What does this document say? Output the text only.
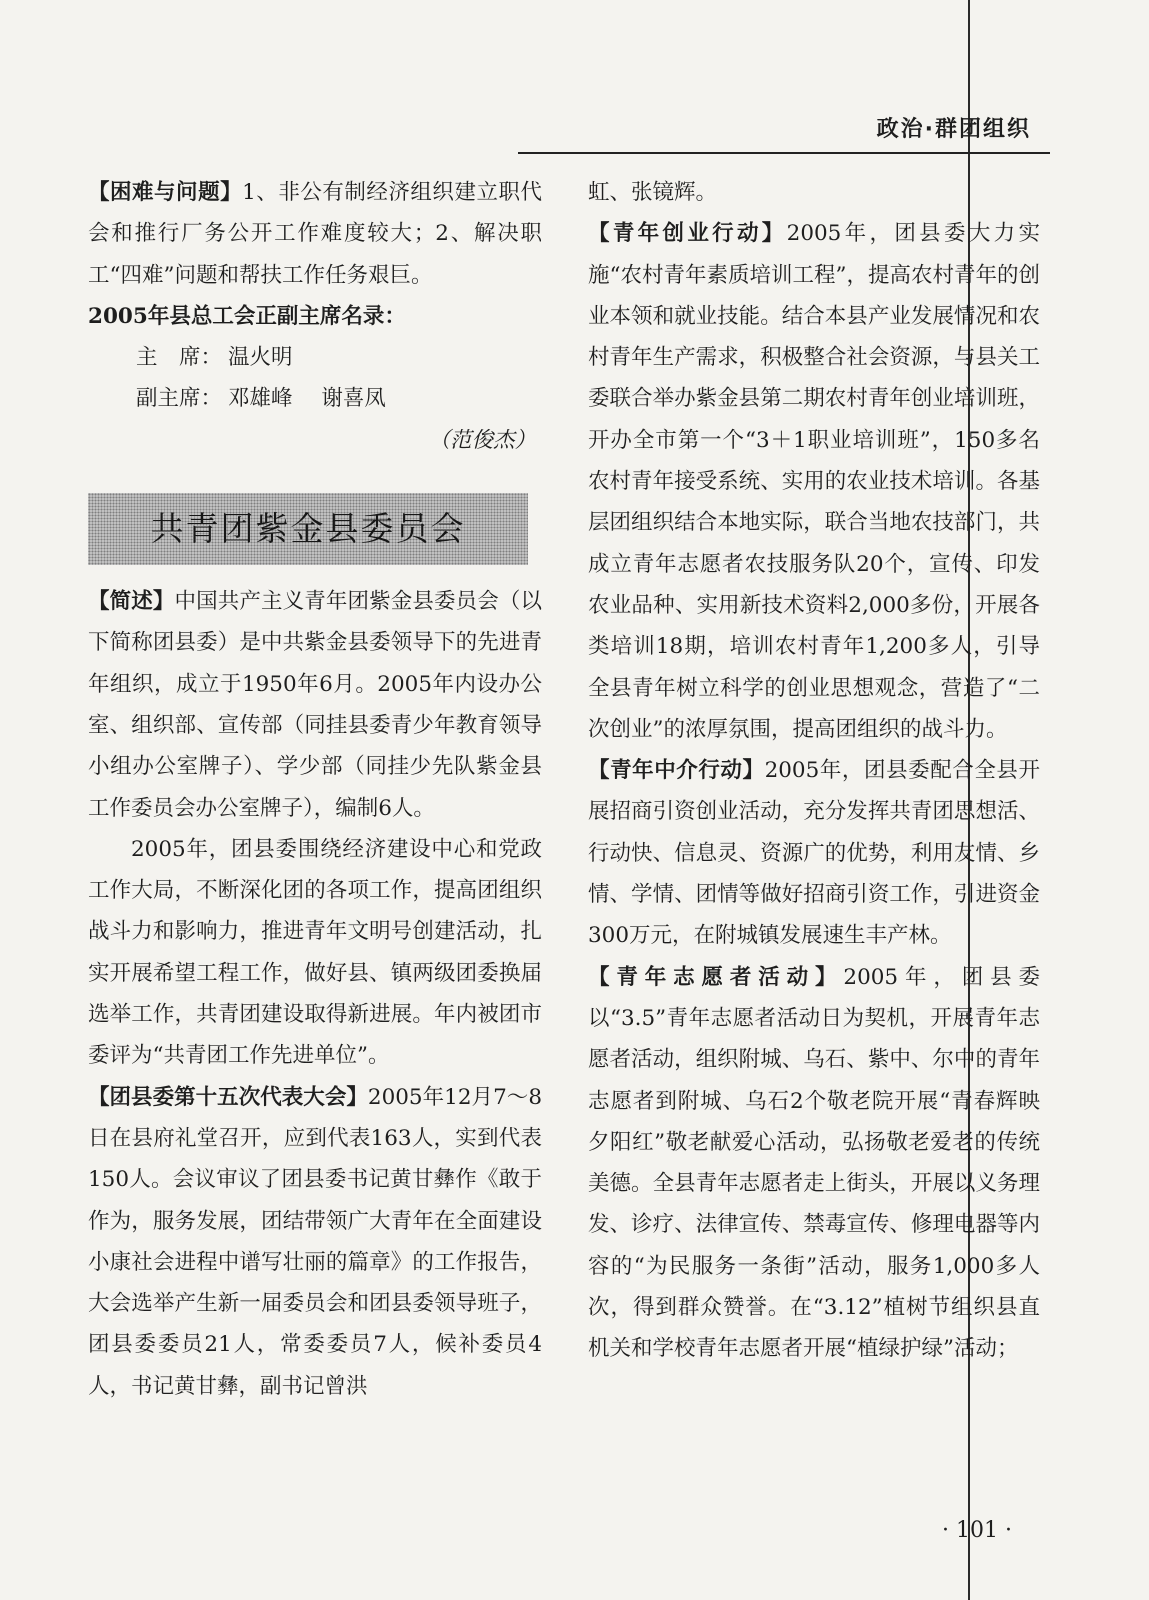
政治·群团组织

【困难与问题】1、非公有制经济组织建立职代会和推行厂务公开工作难度较大；2、解决职工“四难”问题和帮扶工作任务艰巨。

2005年县总工会正副主席名录：

主　席： 温火明

副主席： 邓雄峰 谢喜凤

（范俊杰）

共青团紫金县委员会

【简述】中国共产主义青年团紫金县委员会（以下简称团县委）是中共紫金县委领导下的先进青年组织，成立于1950年6月。2005年内设办公室、组织部、宣传部（同挂县委青少年教育领导小组办公室牌子）、学少部（同挂少先队紫金县工作委员会办公室牌子），编制6人。

2005年，团县委围绕经济建设中心和党政工作大局，不断深化团的各项工作，提高团组织战斗力和影响力，推进青年文明号创建活动，扎实开展希望工程工作，做好县、镇两级团委换届选举工作，共青团建设取得新进展。年内被团市委评为“共青团工作先进单位”。

【团县委第十五次代表大会】2005年12月7～8日在县府礼堂召开，应到代表163人，实到代表150人。会议审议了团县委书记黄甘彝作《敢于作为，服务发展，团结带领广大青年在全面建设小康社会进程中谱写壮丽的篇章》的工作报告，大会选举产生新一届委员会和团县委领导班子，团县委委员21人，常委委员7人，候补委员4人，书记黄甘彝，副书记曾洪

虹、张镜辉。

【青年创业行动】2005年，团县委大力实施“农村青年素质培训工程”，提高农村青年的创业本领和就业技能。结合本县产业发展情况和农村青年生产需求，积极整合社会资源，与县关工委联合举办紫金县第二期农村青年创业培训班，开办全市第一个“3＋1职业培训班”，150多名农村青年接受系统、实用的农业技术培训。各基层团组织结合本地实际，联合当地农技部门，共成立青年志愿者农技服务队20个，宣传、印发农业品种、实用新技术资料2,000多份，开展各类培训18期，培训农村青年1,200多人，引导全县青年树立科学的创业思想观念，营造了“二次创业”的浓厚氛围，提高团组织的战斗力。

【青年中介行动】2005年，团县委配合全县开展招商引资创业活动，充分发挥共青团思想活、行动快、信息灵、资源广的优势，利用友情、乡情、学情、团情等做好招商引资工作，引进资金300万元，在附城镇发展速生丰产林。

【青年志愿者活动】2005年，团县委以“3.5”青年志愿者活动日为契机，开展青年志愿者活动，组织附城、乌石、紫中、尔中的青年志愿者到附城、乌石2个敬老院开展“青春辉映夕阳红”敬老献爱心活动，弘扬敬老爱老的传统美德。全县青年志愿者走上街头，开展以义务理发、诊疗、法律宣传、禁毒宣传、修理电器等内容的“为民服务一条街”活动，服务1,000多人次，得到群众赞誉。在“3.12”植树节组织县直机关和学校青年志愿者开展“植绿护绿”活动；

· 101 ·
